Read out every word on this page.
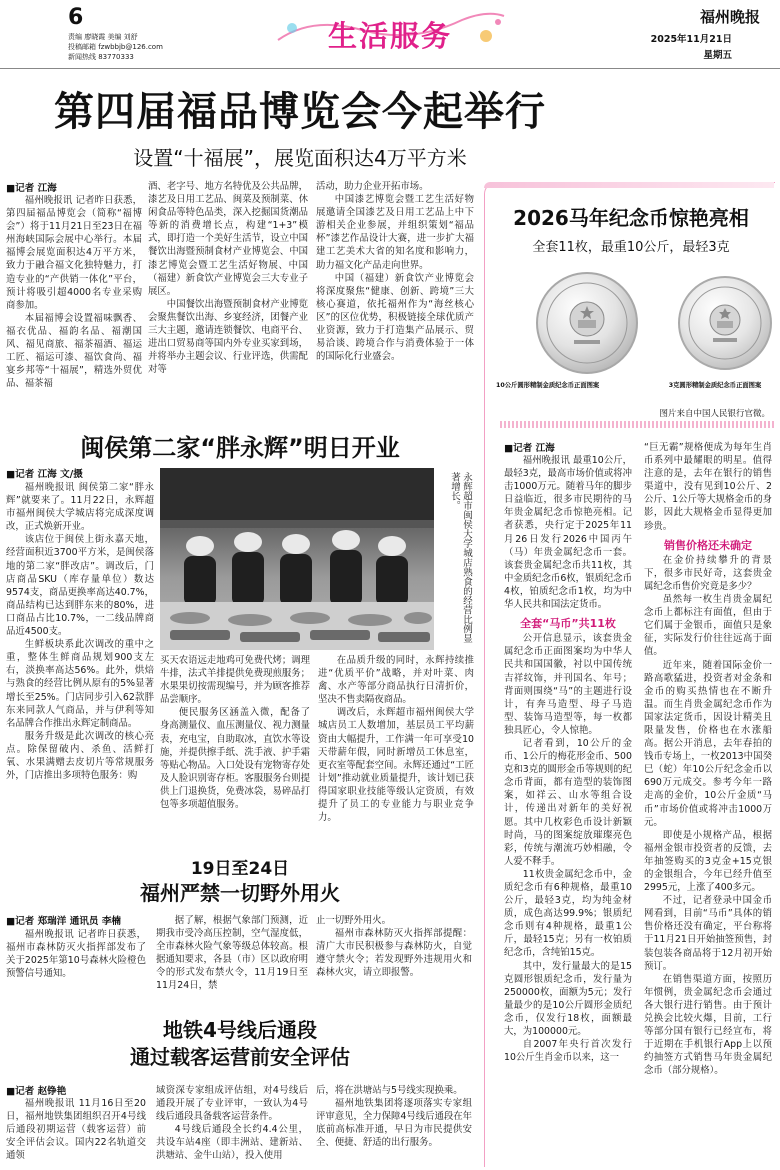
6
责编 廖晓霞 美编 刘舒
投稿邮箱 fzwbbjb@126.com
新闻热线 83770333
生活服务
福州晚报
2025年11月21日
星期五
第四届福品博览会今起举行
设置“十福展”，展览面积达4万平方米
■记者 江海

福州晚报讯 记者昨日获悉，第四届福品博览会（简称“福博会”）将于11月21日至23日在福州海峡国际会展中心举行。本届福博会展览面积达4万平方米，致力于融合福文化独特魅力，打造专业的“产供销一体化”平台，预计将吸引超4000名专业采购商参加。

本届福博会设置福味飘香、福衣优品、福韵名品、福潮国风、福见商旅、福茶福酒、福运工匠、福运可漆、福饮食尚、福宴乡邦等“十福展”，精选外贸优品、福茶福

酒、老字号、地方名特优及公共品牌，漆艺及日用工艺品、闽菜及预制菜、休闲食品等特色品类，深入挖掘国货潮品等新的消费增长点，构建“1+3”模式，即打造一个美好生活节，设立中国餐饮出海暨预制食材产业博览会、中国漆艺博览会暨工艺生活好物展、中国（福建）新食饮产业博览会三大专业子展区。

中国餐饮出海暨预制食材产业博览会聚焦餐饮出海、乡宴经济，团餐产业三大主题，邀请连锁餐饮、电商平台、进出口贸易商等国内外专业买家到场，并将举办主题会议、行业评选，供需配对等

活动，助力企业开拓市场。

中国漆艺博览会暨工艺生活好物展邀请全国漆艺及日用工艺品上中下游相关企业参展，并组织策划“福品杯”漆艺作品设计大赛，进一步扩大福建工艺美术大省的知名度和影响力，助力福文化产品走向世界。

中国（福建）新食饮产业博览会将深度聚焦“健康、创新、跨境”三大核心赛道，依托福州作为“海丝核心区”的区位优势，积极链接全球优质产业资源，致力于打造集产品展示、贸易洽谈、跨境合作与消费体验于一体的国际化行业盛会。

闽侯第二家“胖永辉”明日开业
■记者 江海 文/摄

福州晚报讯 闽侯第二家“胖永辉”就要来了。11月22日，永辉超市福州闽侯大学城店将完成深度调改，正式焕新开业。

该店位于闽侯上街永嘉天地，经营面积近3700平方米，是闽侯落地的第二家“胖改店”。调改后，门店商品SKU（库存量单位）数达9574支，商品更换率高达40.7%，商品结构已达到胖东来的80%，进口商品占比10.7%，一二线品牌商品近4500支。

生鲜板块系此次调改的重中之重，整体生鲜商品规划900支左右，淡换率高达56%。此外，烘焙与熟食的经营比例从原有的5%显著增长至25%。门店同步引入62款胖东来同款人气商品，并与伊利等知名品牌合作推出永辉定制商品。

服务升级是此次调改的核心亮点。除保留破内、杀鱼、活鲜打氧、水果满赠去皮切片等常规服务外，门店推出多项特色服务：购

永辉超市闽侯大学城店熟食的经营比例显著增长。

买天农语远走地鸡可免费代烤；调理牛排，法式羊排提供免费现煎服务；水果果切按需现编号，并为顾客推荐品尝顺序。

便民服务区涵盖入微，配备了身高测量仪、血压测量仪、视力测量表，充电宝，自助取冰，直饮水等设施，并提供擦手纸、洗手液、护手霜等贴心物品。入口处设有宠物寄存处及人脸识别寄存柜。客服服务台则提供上门退换货，免费冰袋，易碎品打包等多项超值服务。

在品质升级的同时，永辉持续推进“优质平价”战略，并对叶菜、肉禽、水产等部分商品执行日清折价，坚决不售卖隔夜商品。

调改后，永辉超市福州闽侯大学城店员工人数增加，基层员工平均薪资由大幅提升，工作满一年可享受10天带薪年假，同时新增员工休息室，更衣室等配套空间。永辉还通过“工匠计划”推动就业质量提升，该计划已获得国家职业技能等级认定资质，有效提升了员工的专业能力与职业竞争力。

19日至24日
福州严禁一切野外用火
■记者 郑瑞洋 通讯员 李楠

福州晚报讯 记者昨日获悉，福州市森林防灭火指挥部发布了关于2025年第10号森林火险橙色预警信号通知。

据了解，根据气象部门预测，近期我市受冷高压控制，空气湿度低，全市森林火险气象等级总体较高。根据通知要求，各县（市）区以政府明令的形式发布禁火令，11月19日至11月24日，禁

止一切野外用火。

福州市森林防灭火指挥部提醒：清广大市民积极参与森林防火，自觉遵守禁火令；若发现野外违规用火和森林火灾，请立即报警。

地铁4号线后通段
通过载客运营前安全评估
■记者 赵铮艳

福州晚报讯 11月16日至20日，福州地铁集团组织召开4号线后通段初期运营（载客运营）前安全评估会议。国内22名轨道交通领

域资深专家组成评估组，对4号线后通段开展了专业评审，一致认为4号线后通段具备载客运营条件。

4号线后通段全长约4.4公里，共设车站4座（即丰洲站、建新站、洪塘站、金牛山站），投入使用

后，将在洪塘站与5号线实现换乘。

福州地铁集团将逐项落实专家组评审意见，全力保障4号线后通段在年底前高标准开通，早日为市民提供安全、便捷、舒适的出行服务。

2026马年纪念币惊艳亮相
全套11枚，最重10公斤，最轻3克
10公斤圆形精制金质纪念币正面图案	3克圆形精制金质纪念币正面图案
图片来自中国人民银行官微。
■记者 江海

福州晚报讯 最重10公斤，最轻3克，最高市场价值或将冲击1000万元。随着马年的脚步日益临近，很多市民期待的马年贵金属纪念币惊艳亮相。记者获悉，央行定于2025年11月26日发行2026中国丙午（马）年贵金属纪念币一套。该套贵金属纪念币共11枚，其中金质纪念币6枚，银质纪念币4枚，铂质纪念币1枚，均为中华人民共和国法定货币。

全套“马币”共11枚

公开信息显示，该套贵金属纪念币正面图案均为中华人民共和国国徽，衬以中国传统吉祥纹饰，并刊国名、年号；背面则围绕“马”的主题进行设计，有奔马造型、母子马造型、装饰马造型等，每一枚都独具匠心，令人惊艳。

记者看到，10公斤的金币、1公斤的梅花形金币、500克和3克的圆形金币等规则的纪念币背面，都有造型的装饰图案，如祥云、山水等组合设计，传递出对新年的美好祝愿。其中几枚彩色币设计新颖时尚，马的图案绽放璀璨亮色彩，传统与潮流巧妙相融，令人爱不释手。

11枚贵金属纪念币中，金质纪念币有6种规格，最重10公斤，最轻3克，均为纯金材质，成色高达99.9%；银质纪念币则有4种规格，最重1公斤，最轻15克；另有一枚铂质纪念币，含纯铂15克。

其中，发行量最大的是15克圆形银质纪念币，发行量为250000枚，面额为5元；发行量最少的是10公斤圆形金质纪念币，仅发行18枚，面额最大，为100000元。

自2007年央行首次发行10公斤生肖金币以来，这一

“巨无霸”规格便成为每年生肖币系列中最耀眼的明星。值得注意的是，去年在银行的销售渠道中，没有见到10公斤、2公斤、1公斤等大规格金币的身影，因此大规格金币显得更加珍贵。

销售价格还未确定

在金价持续攀升的背景下，很多市民好奇，这套贵金属纪念币售价究竟是多少？

虽然每一枚生肖贵金属纪念币上都标注有面值，但由于它们属于金银币，面值只是象征，实际发行价往往远高于面值。

近年来，随着国际金价一路高歌猛进，投资者对金条和金币的购买热情也在不断升温。而生肖贵金属纪念币作为国家法定货币，因设计精美且限量发售，价格也在水涨船高。据公开消息，去年春拍的钱币专场上，一枚2013中国癸巳（蛇）年10公斤纪念金币以690万元成交。参考今年一路走高的金价，10公斤金质“马币”市场价值或将冲击1000万元。

即使是小规格产品，根据福州金银市投资者的反馈，去年抽签购买的3克金+15克银的金银组合，今年已经升值至2995元，上涨了400多元。

不过，记者登录中国金币网看到，目前“马币”具体的销售价格还没有确定，平台称将于11月21日开始抽签预售，封装包装各商品将于12月初开始预订。

在销售渠道方面，按照历年惯例，贵金属纪念币会通过各大银行进行销售。由于预计兑换会比较火爆，目前，工行等部分国有银行已经宣布，将于近期在手机银行App上以预约抽签方式销售马年贵金属纪念币（部分规格）。
